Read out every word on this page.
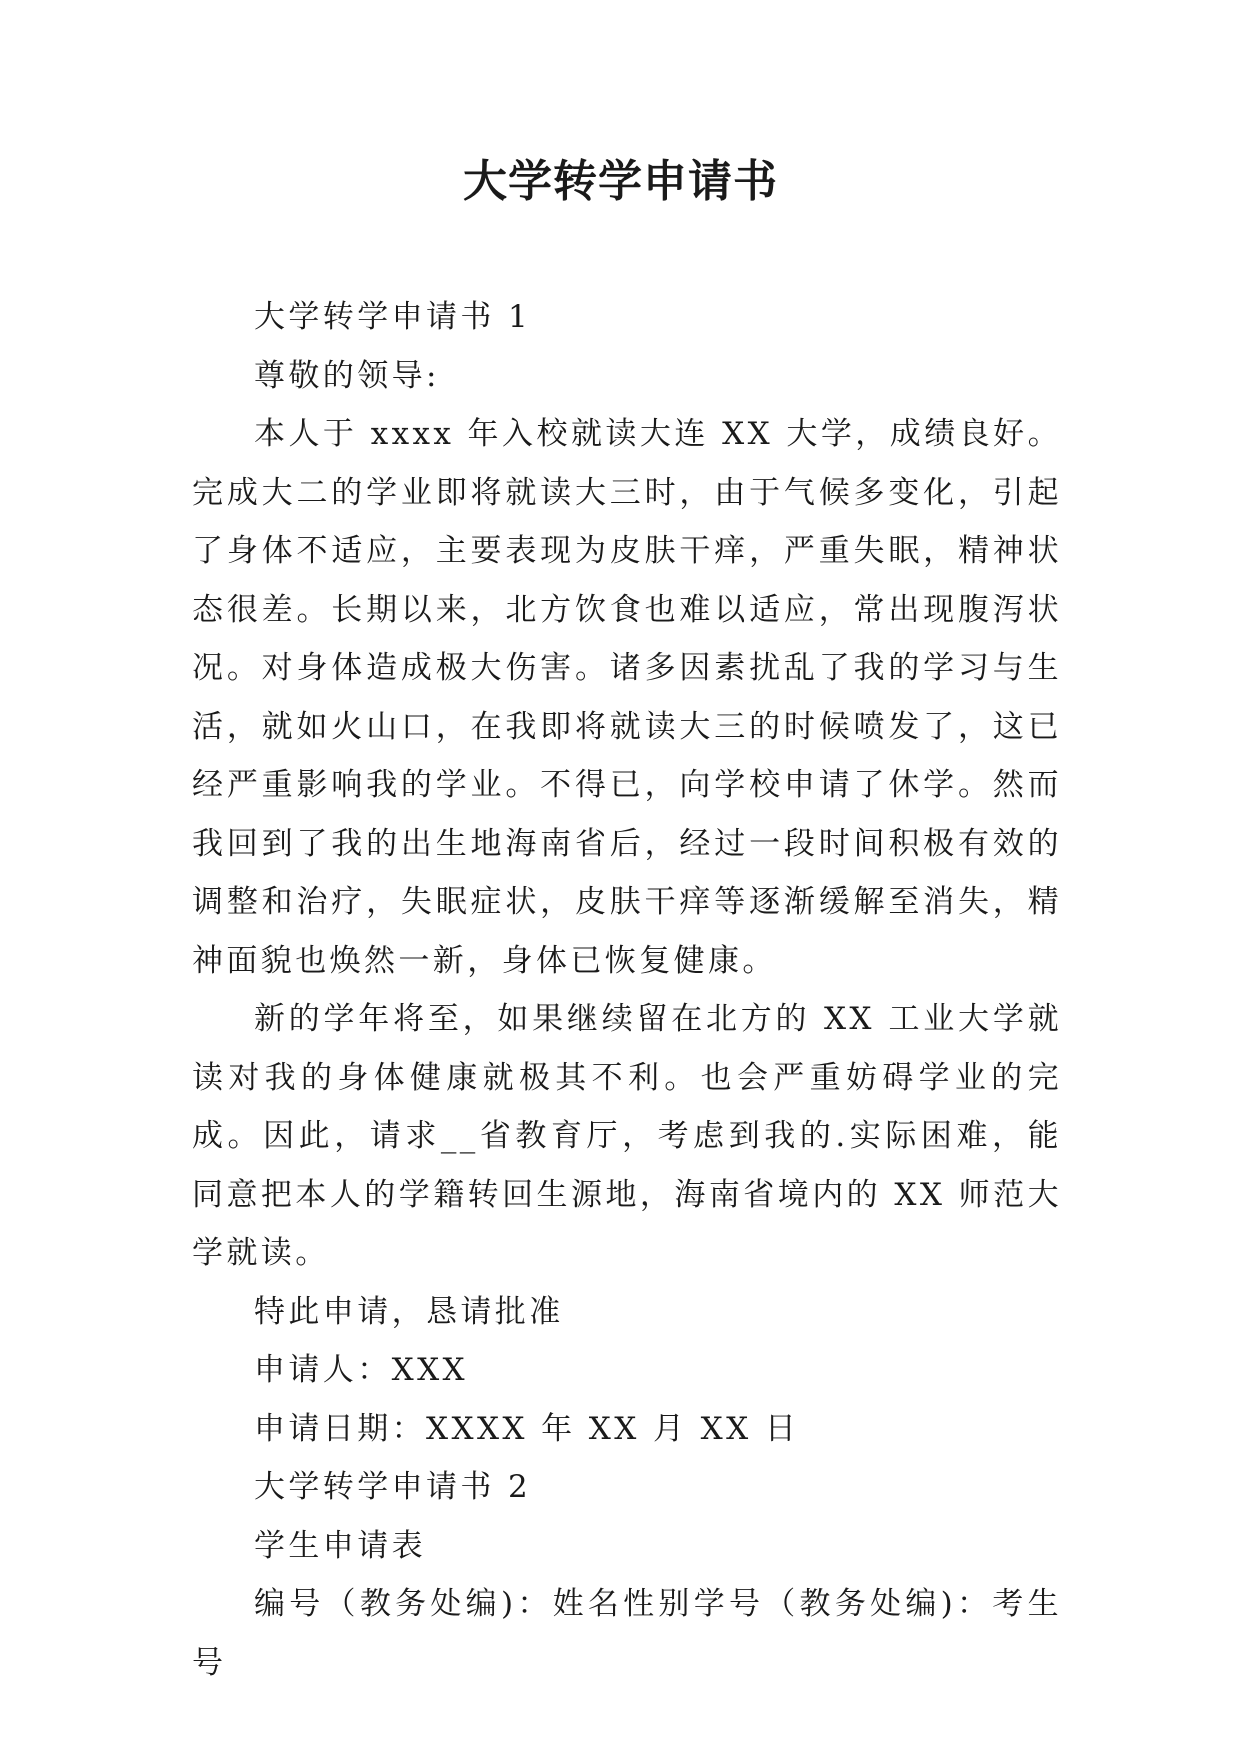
大学转学申请书

大学转学申请书 1

尊敬的领导:

本人于 xxxx 年入校就读大连 XX 大学，成绩良好。完成大二的学业即将就读大三时，由于气候多变化，引起了身体不适应，主要表现为皮肤干痒，严重失眠，精神状态很差。长期以来，北方饮食也难以适应，常出现腹泻状况。对身体造成极大伤害。诸多因素扰乱了我的学习与生活，就如火山口，在我即将就读大三的时候喷发了，这已经严重影响我的学业。不得已，向学校申请了休学。然而我回到了我的出生地海南省后，经过一段时间积极有效的调整和治疗，失眠症状，皮肤干痒等逐渐缓解至消失，精神面貌也焕然一新，身体已恢复健康。

新的学年将至，如果继续留在北方的 XX 工业大学就读对我的身体健康就极其不利。也会严重妨碍学业的完成。因此，请求__省教育厅，考虑到我的.实际困难，能同意把本人的学籍转回生源地，海南省境内的 XX 师范大学就读。

特此申请，恳请批准

申请人：XXX

申请日期：XXXX 年 XX 月 XX 日

大学转学申请书 2

学生申请表

编号（教务处编)：姓名性别学号（教务处编)：考生号
